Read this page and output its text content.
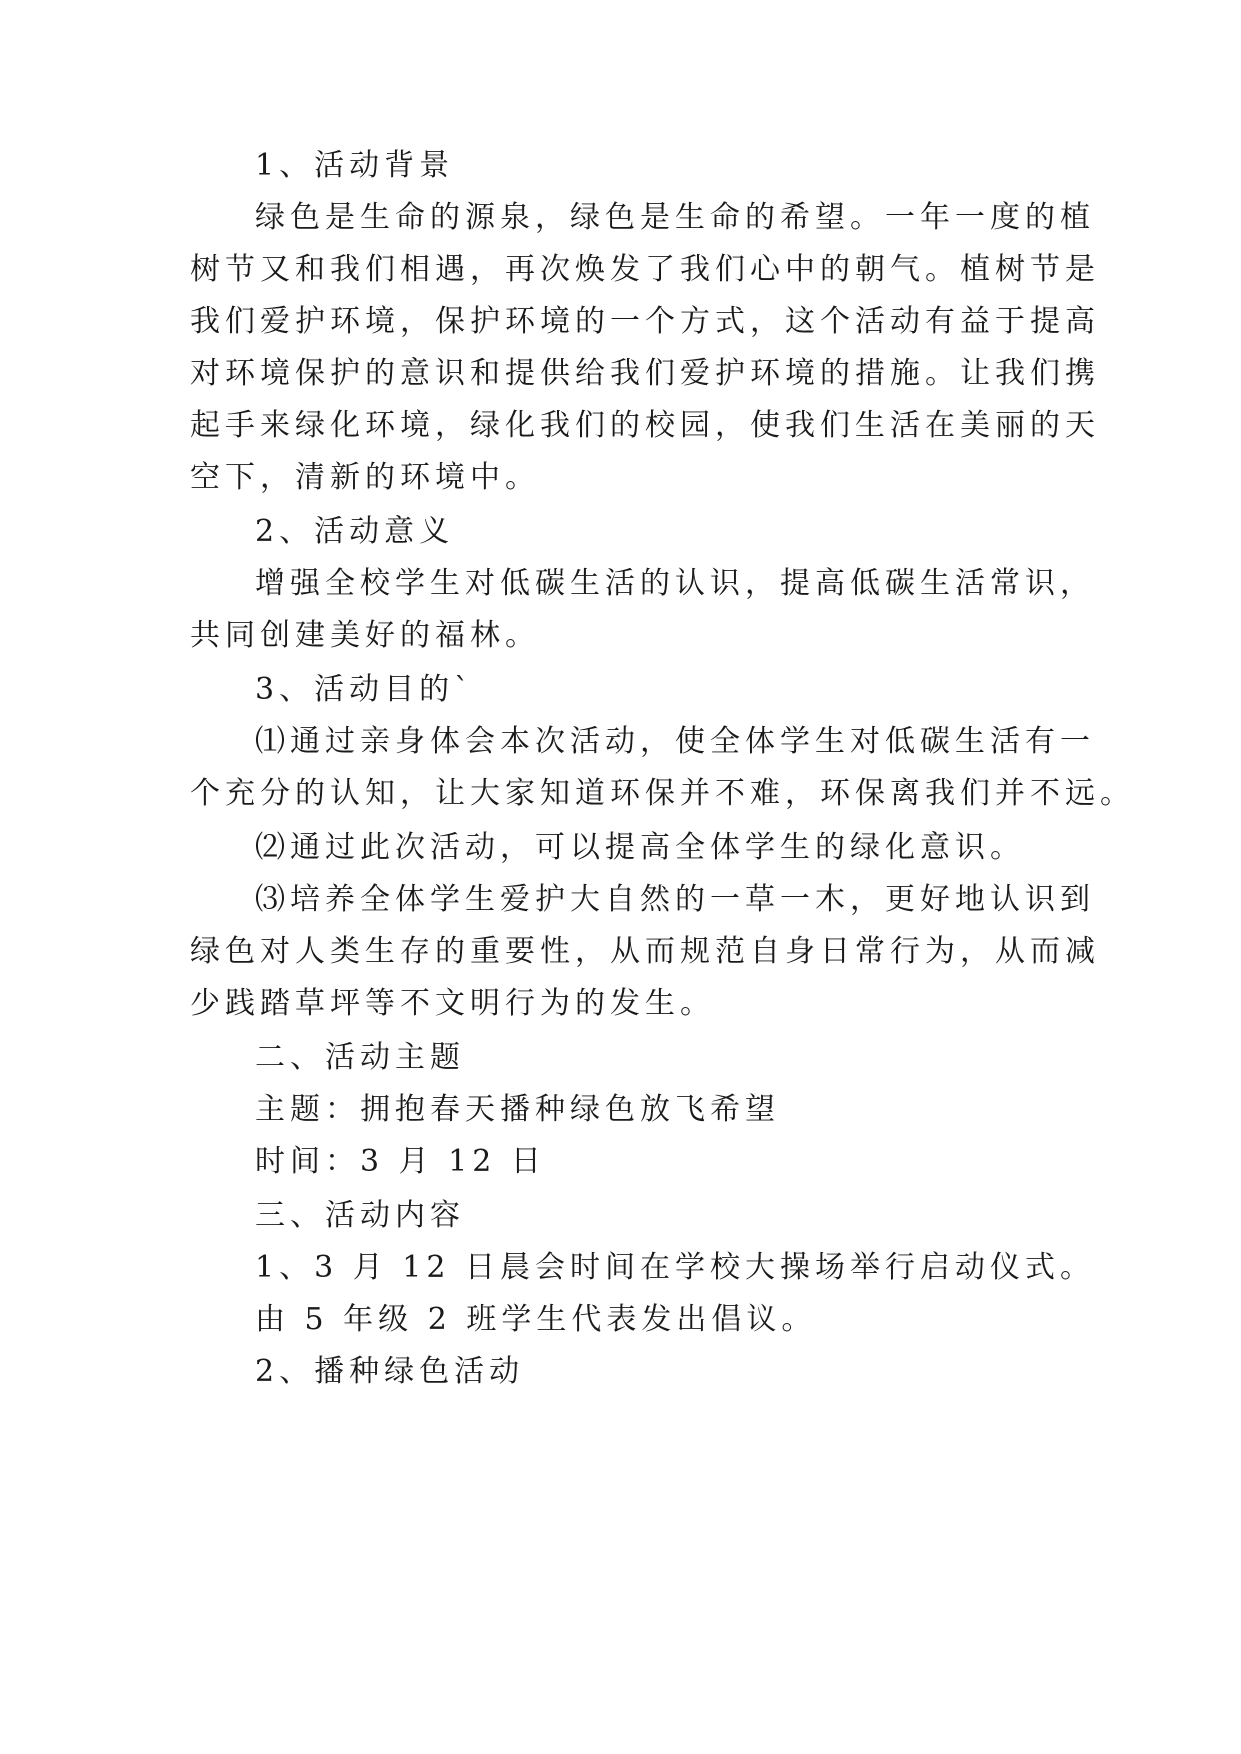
1、活动背景
绿色是生命的源泉，绿色是生命的希望。一年一度的植
树节又和我们相遇，再次焕发了我们心中的朝气。植树节是
我们爱护环境，保护环境的一个方式，这个活动有益于提高
对环境保护的意识和提供给我们爱护环境的措施。让我们携
起手来绿化环境，绿化我们的校园，使我们生活在美丽的天
空下，清新的环境中。
2、活动意义
增强全校学生对低碳生活的认识，提高低碳生活常识，
共同创建美好的福林。
3、活动目的`
⑴通过亲身体会本次活动，使全体学生对低碳生活有一
个充分的认知，让大家知道环保并不难，环保离我们并不远。
⑵通过此次活动，可以提高全体学生的绿化意识。
⑶培养全体学生爱护大自然的一草一木，更好地认识到
绿色对人类生存的重要性，从而规范自身日常行为，从而减
少践踏草坪等不文明行为的发生。
二、活动主题
主题：拥抱春天播种绿色放飞希望
时间：3 月 12 日
三、活动内容
1、3 月 12 日晨会时间在学校大操场举行启动仪式。
由 5 年级 2 班学生代表发出倡议。
2、播种绿色活动
